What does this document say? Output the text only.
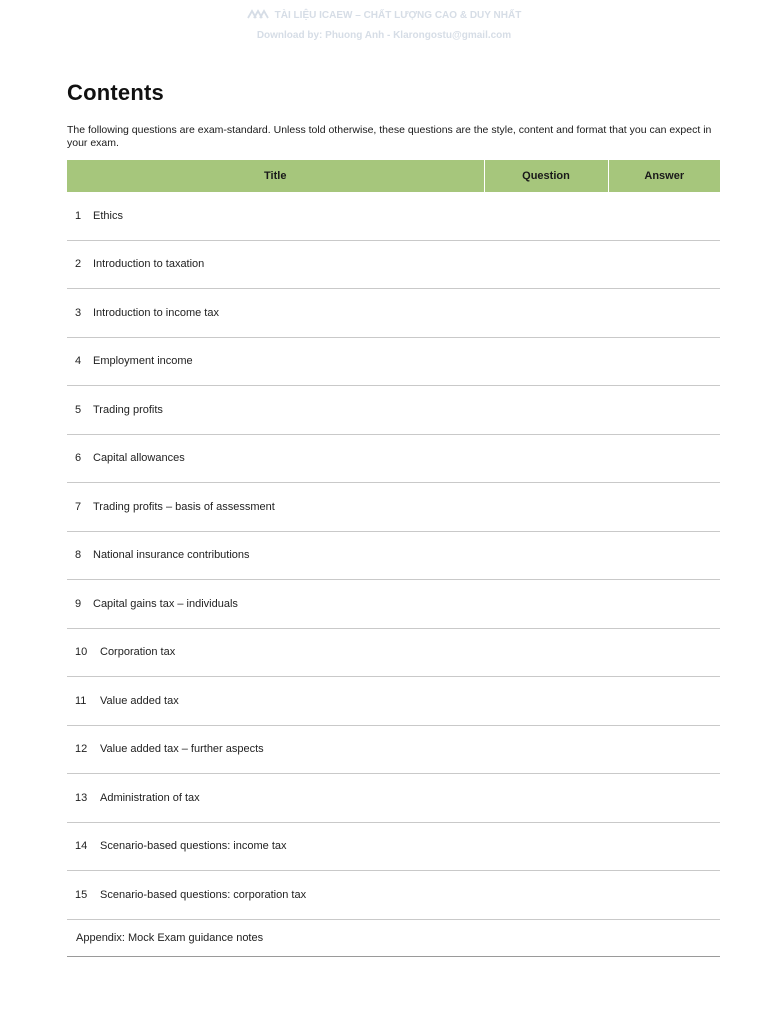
TÀI LIỆU ICAEW – CHẤT LƯỢNG CAO & DUY NHẤT
Download by: Phuong Anh - Klarongostu@gmail.com
Contents

The following questions are exam-standard. Unless told otherwise, these questions are the style, content and format that you can expect in your exam.

Title	Question	Answer
1 Ethics		
2 Introduction to taxation		
3 Introduction to income tax		
4 Employment income		
5 Trading profits		
6 Capital allowances		
7 Trading profits – basis of assessment		
8 National insurance contributions		
9 Capital gains tax – individuals		
10 Corporation tax		
11 Value added tax		
12 Value added tax – further aspects		
13 Administration of tax		
14 Scenario-based questions: income tax		
15 Scenario-based questions: corporation tax		
Appendix: Mock Exam guidance notes		
